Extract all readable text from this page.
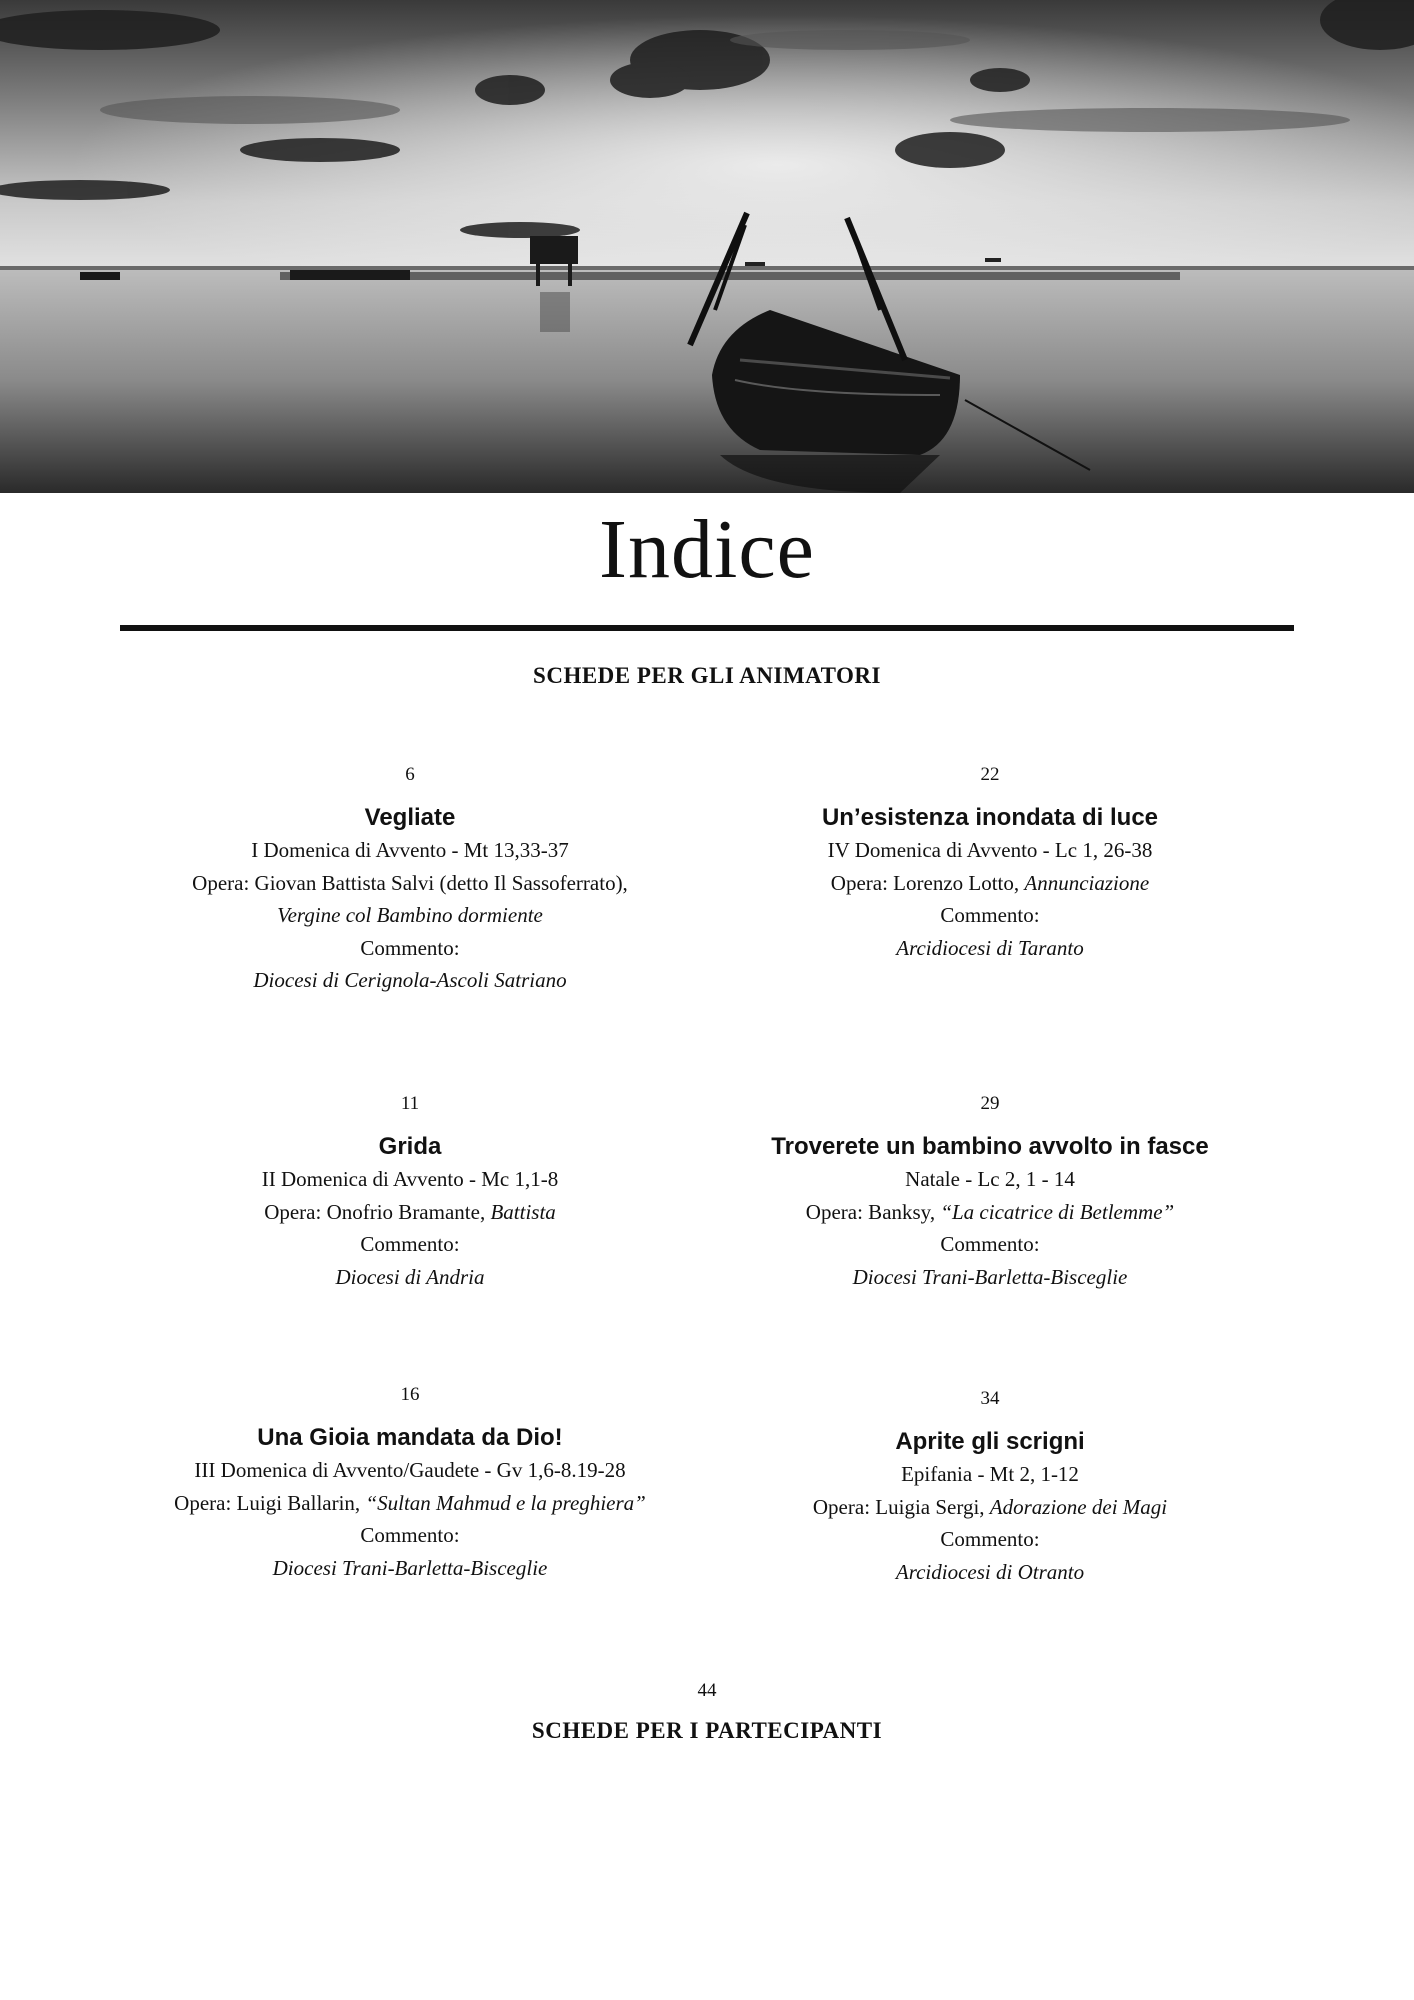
Indice
SCHEDE PER GLI ANIMATORI
6
Vegliate
I Domenica di Avvento - Mt 13,33-37
Opera: Giovan Battista Salvi (detto Il Sassoferrato),
Vergine col Bambino dormiente
Commento:
Diocesi di Cerignola-Ascoli Satriano
22
Un’esistenza inondata di luce
IV Domenica di Avvento - Lc 1, 26-38
Opera: Lorenzo Lotto, Annunciazione
Commento:
Arcidiocesi di Taranto
11
Grida
II Domenica di Avvento - Mc 1,1-8
Opera: Onofrio Bramante, Battista
Commento:
Diocesi di Andria
29
Troverete un bambino avvolto in fasce
Natale - Lc 2, 1 - 14
Opera: Banksy, “La cicatrice di Betlemme”
Commento:
Diocesi Trani-Barletta-Bisceglie
16
Una Gioia mandata da Dio!
III Domenica di Avvento/Gaudete - Gv 1,6-8.19-28
Opera: Luigi Ballarin, “Sultan Mahmud e la preghiera”
Commento:
Diocesi Trani-Barletta-Bisceglie
34
Aprite gli scrigni
Epifania - Mt 2, 1-12
Opera: Luigia Sergi, Adorazione dei Magi
Commento:
Arcidiocesi di Otranto
44
SCHEDE PER I PARTECIPANTI
